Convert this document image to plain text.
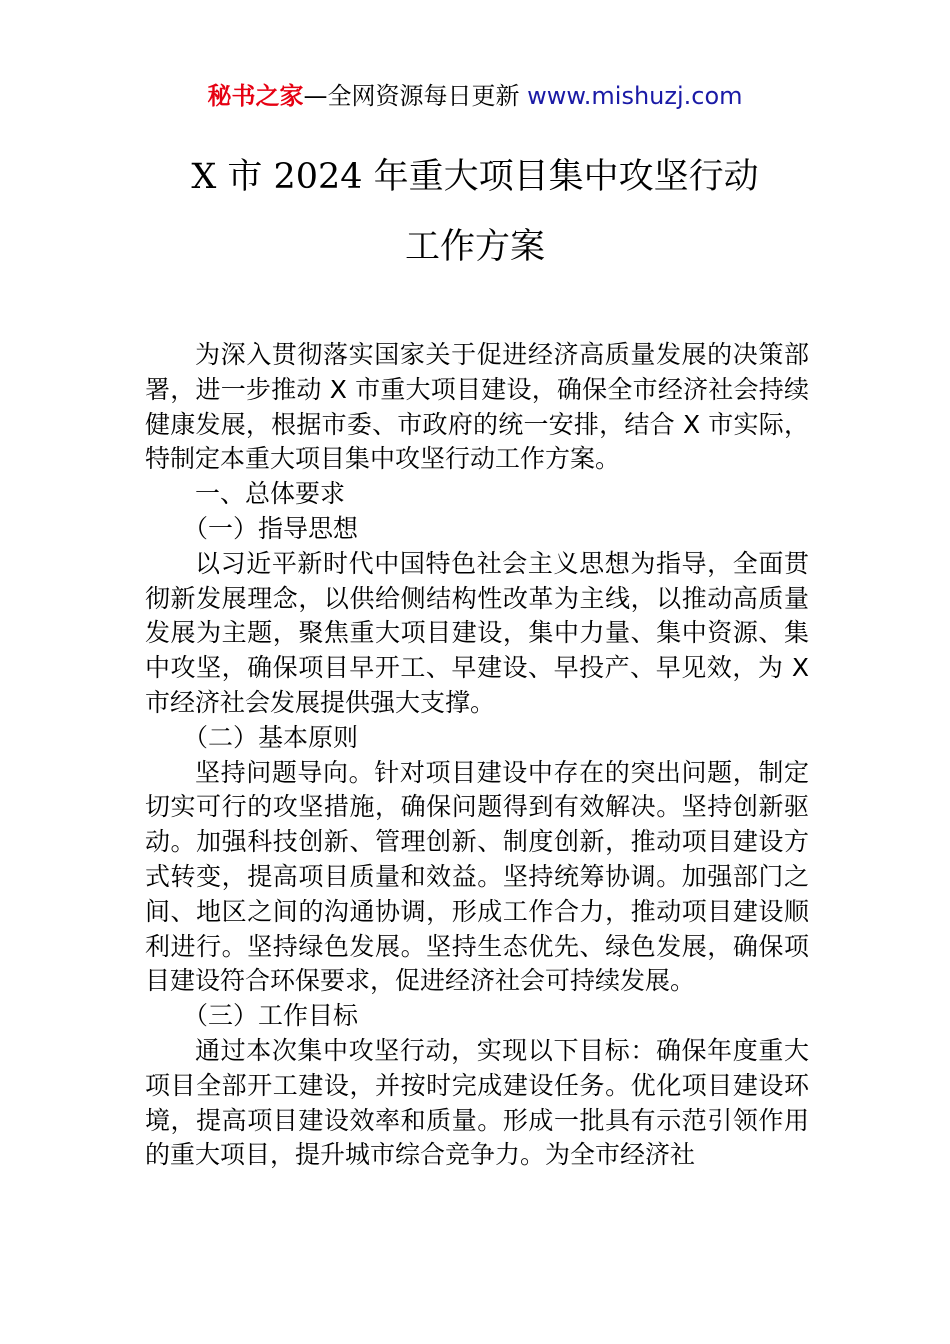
秘书之家—全网资源每日更新 www.mishuzj.com
X 市 2024 年重大项目集中攻坚行动
工作方案

为深入贯彻落实国家关于促进经济高质量发展的决策部署，进一步推动 X 市重大项目建设，确保全市经济社会持续健康发展，根据市委、市政府的统一安排，结合 X 市实际，特制定本重大项目集中攻坚行动工作方案。

一、总体要求

（一）指导思想

以习近平新时代中国特色社会主义思想为指导，全面贯彻新发展理念，以供给侧结构性改革为主线，以推动高质量发展为主题，聚焦重大项目建设，集中力量、集中资源、集中攻坚，确保项目早开工、早建设、早投产、早见效，为 X 市经济社会发展提供强大支撑。

（二）基本原则

坚持问题导向。针对项目建设中存在的突出问题，制定切实可行的攻坚措施，确保问题得到有效解决。坚持创新驱动。加强科技创新、管理创新、制度创新，推动项目建设方式转变，提高项目质量和效益。坚持统筹协调。加强部门之间、地区之间的沟通协调，形成工作合力，推动项目建设顺利进行。坚持绿色发展。坚持生态优先、绿色发展，确保项目建设符合环保要求，促进经济社会可持续发展。

（三）工作目标

通过本次集中攻坚行动，实现以下目标：确保年度重大项目全部开工建设，并按时完成建设任务。优化项目建设环境，提高项目建设效率和质量。形成一批具有示范引领作用的重大项目，提升城市综合竞争力。为全市经济社
